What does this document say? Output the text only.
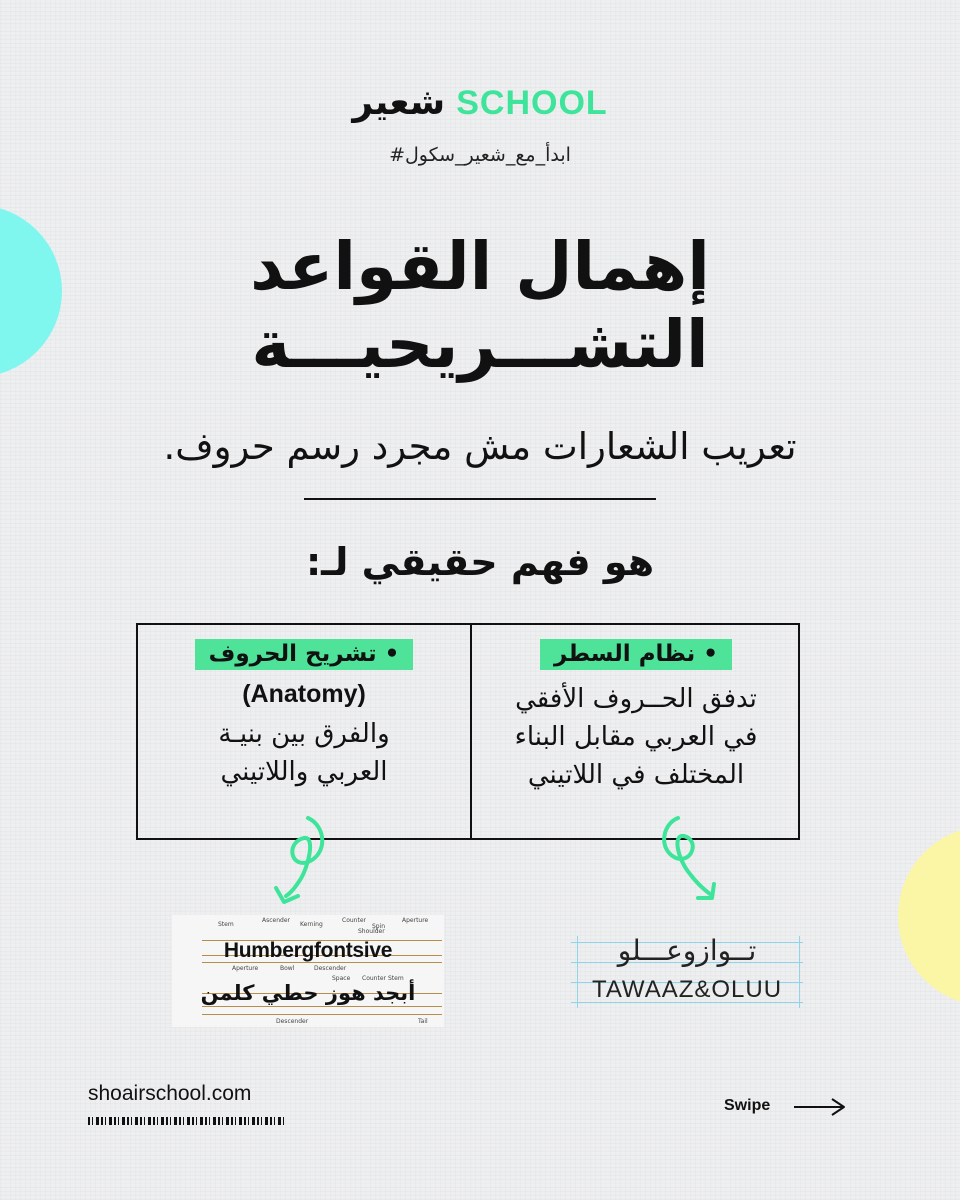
شعير SCHOOL
#ابدأ_مع_شعير_سكول
إهمال القواعد
التشـــريحيـــة
تعريب الشعارات مش مجرد رسم حروف.
هو فهم حقيقي لـ:
• تشريح الحروف
(Anatomy)
والفرق بين بنيـة
العربي واللاتيني
• نظام السطر
تدفق الحــروف الأفقي
في العربي مقابل البناء
المختلف في اللاتيني
Stem
Ascender
Kerning
Counter
Spin
Aperture
Shoulder
Bowl	Descender
Aperture
Space Counter Stem
Descender	Tail
Humbergfontsive
أبجد هوز حطي كلمن
تــوازوعـــلو
TAWAAZ&OLUU
shoairschool.com
Swipe
